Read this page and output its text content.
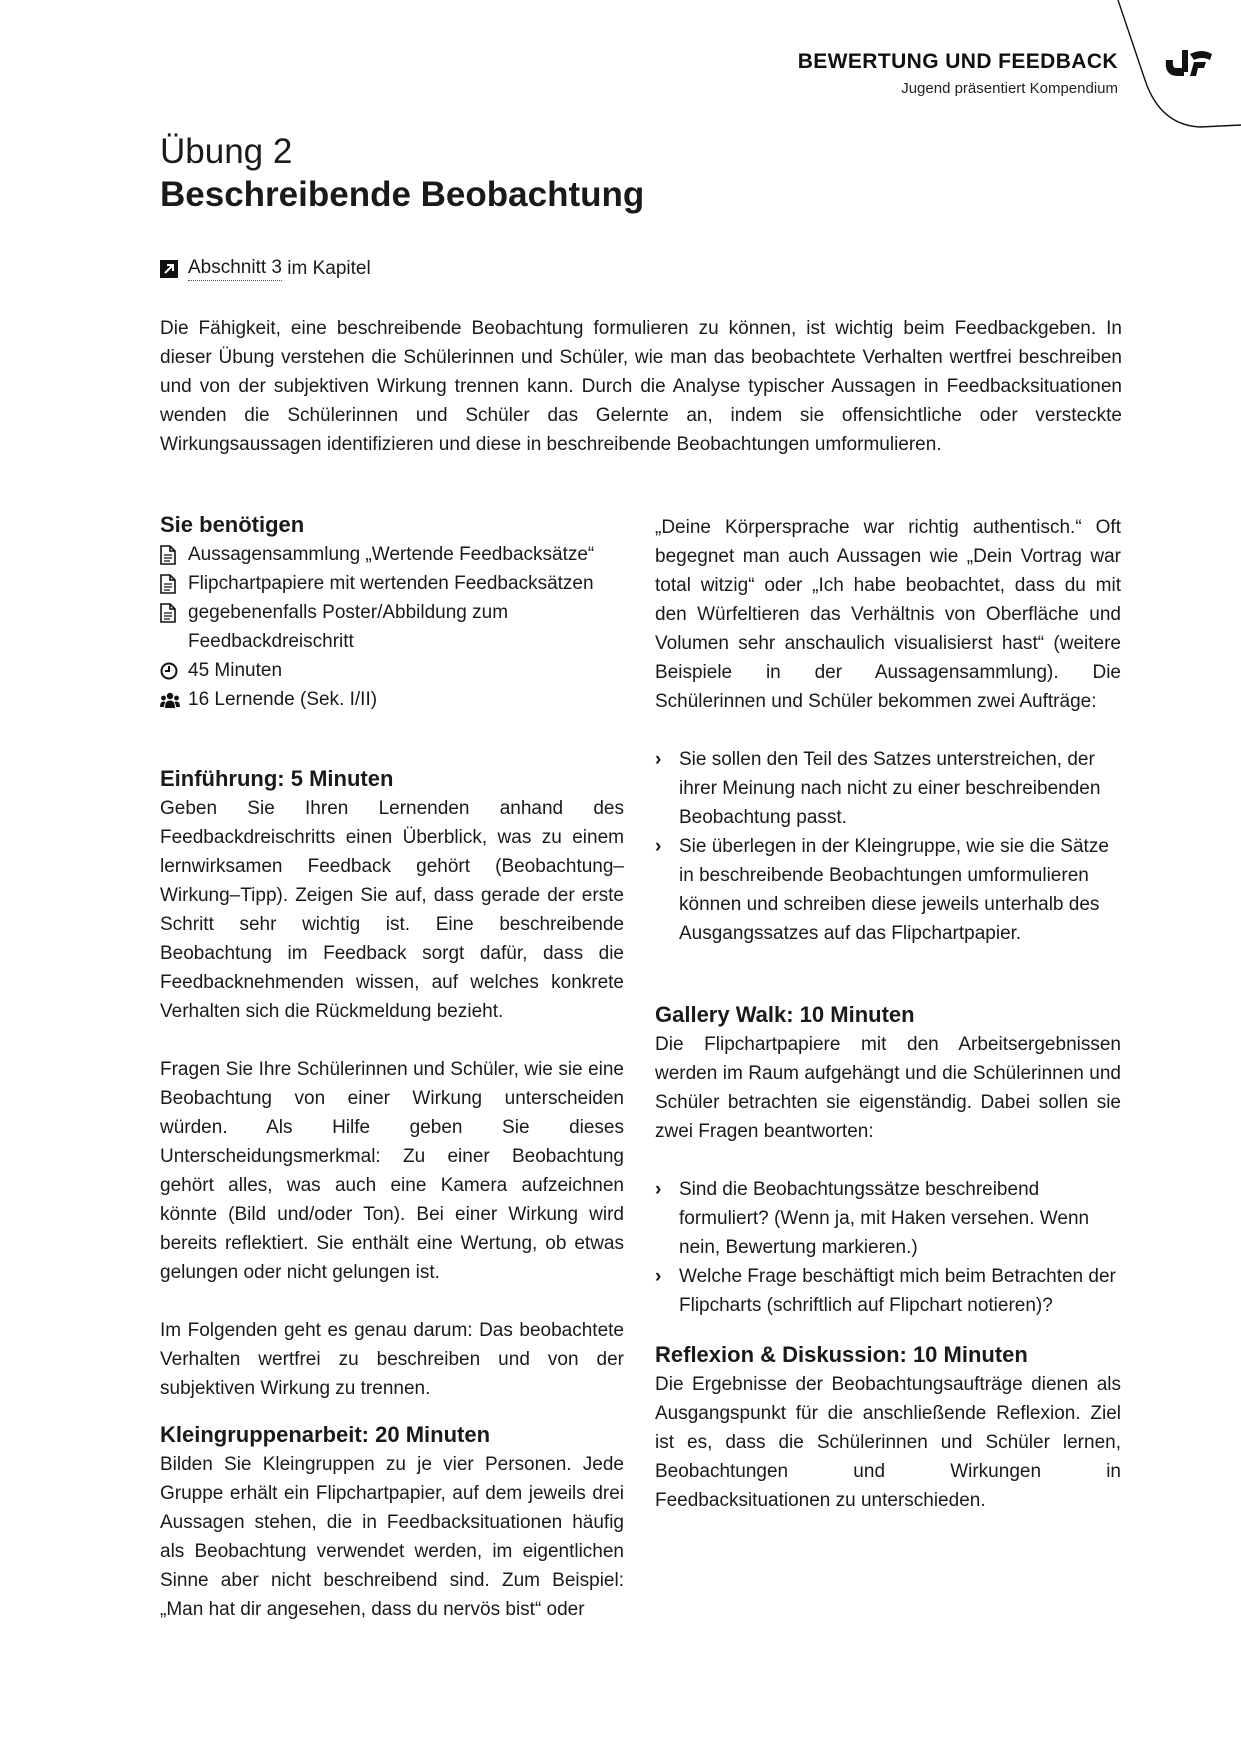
BEWERTUNG UND FEEDBACK
Jugend präsentiert Kompendium
Übung 2
Beschreibende Beobachtung
Abschnitt 3 im Kapitel

Die Fähigkeit, eine beschreibende Beobachtung formulieren zu können, ist wichtig beim Feedbackgeben. In dieser Übung verstehen die Schülerinnen und Schüler, wie man das beobachtete Verhalten wertfrei beschreiben und von der subjektiven Wirkung trennen kann. Durch die Analyse typischer Aussagen in Feedbacksituationen wenden die Schülerinnen und Schüler das Gelernte an, indem sie offensichtliche oder versteckte Wirkungsaussagen identifizieren und diese in beschreibende Beobachtungen umformulieren.

Sie benötigen
Aussagensammlung „Wertende Feedbacksätze“
Flipchartpapiere mit wertenden Feedbacksätzen
gegebenenfalls Poster/Abbildung zum Feedbackdreischritt
45 Minuten
16 Lernende (Sek. I/II)
Einführung: 5 Minuten

Geben Sie Ihren Lernenden anhand des Feedbackdreischritts einen Überblick, was zu einem lernwirksamen Feedback gehört (Beobachtung–Wirkung–Tipp). Zeigen Sie auf, dass gerade der erste Schritt sehr wichtig ist. Eine beschreibende Beobachtung im Feedback sorgt dafür, dass die Feedbacknehmenden wissen, auf welches konkrete Verhalten sich die Rückmeldung bezieht.

Fragen Sie Ihre Schülerinnen und Schüler, wie sie eine Beobachtung von einer Wirkung unterscheiden würden. Als Hilfe geben Sie dieses Unterscheidungsmerkmal: Zu einer Beobachtung gehört alles, was auch eine Kamera aufzeichnen könnte (Bild und/oder Ton). Bei einer Wirkung wird bereits reflektiert. Sie enthält eine Wertung, ob etwas gelungen oder nicht gelungen ist.

Im Folgenden geht es genau darum: Das beobachtete Verhalten wertfrei zu beschreiben und von der subjektiven Wirkung zu trennen.

Kleingruppenarbeit: 20 Minuten

Bilden Sie Kleingruppen zu je vier Personen. Jede Gruppe erhält ein Flipchartpapier, auf dem jeweils drei Aussagen stehen, die in Feedbacksituationen häufig als Beobachtung verwendet werden, im eigentlichen Sinne aber nicht beschreibend sind. Zum Beispiel: „Man hat dir angesehen, dass du nervös bist“ oder

„Deine Körpersprache war richtig authentisch.“ Oft begegnet man auch Aussagen wie „Dein Vortrag war total witzig“ oder „Ich habe beobachtet, dass du mit den Würfeltieren das Verhältnis von Oberfläche und Volumen sehr anschaulich visualisierst hast“ (weitere Beispiele in der Aussagensammlung). Die Schülerinnen und Schüler bekommen zwei Aufträge:

› Sie sollen den Teil des Satzes unterstreichen, der ihrer Meinung nach nicht zu einer beschreibenden Beobachtung passt.
› Sie überlegen in der Kleingruppe, wie sie die Sätze in beschreibende Beobachtungen umformulieren können und schreiben diese jeweils unterhalb des Ausgangssatzes auf das Flipchartpapier.
Gallery Walk: 10 Minuten

Die Flipchartpapiere mit den Arbeitsergebnissen werden im Raum aufgehängt und die Schülerinnen und Schüler betrachten sie eigenständig. Dabei sollen sie zwei Fragen beantworten:

› Sind die Beobachtungssätze beschreibend formuliert? (Wenn ja, mit Haken versehen. Wenn nein, Bewertung markieren.)
› Welche Frage beschäftigt mich beim Betrachten der Flipcharts (schriftlich auf Flipchart notieren)?
Reflexion & Diskussion: 10 Minuten

Die Ergebnisse der Beobachtungsaufträge dienen als Ausgangspunkt für die anschließende Reflexion. Ziel ist es, dass die Schülerinnen und Schüler lernen, Beobachtungen und Wirkungen in Feedbacksituationen zu unterschieden.
